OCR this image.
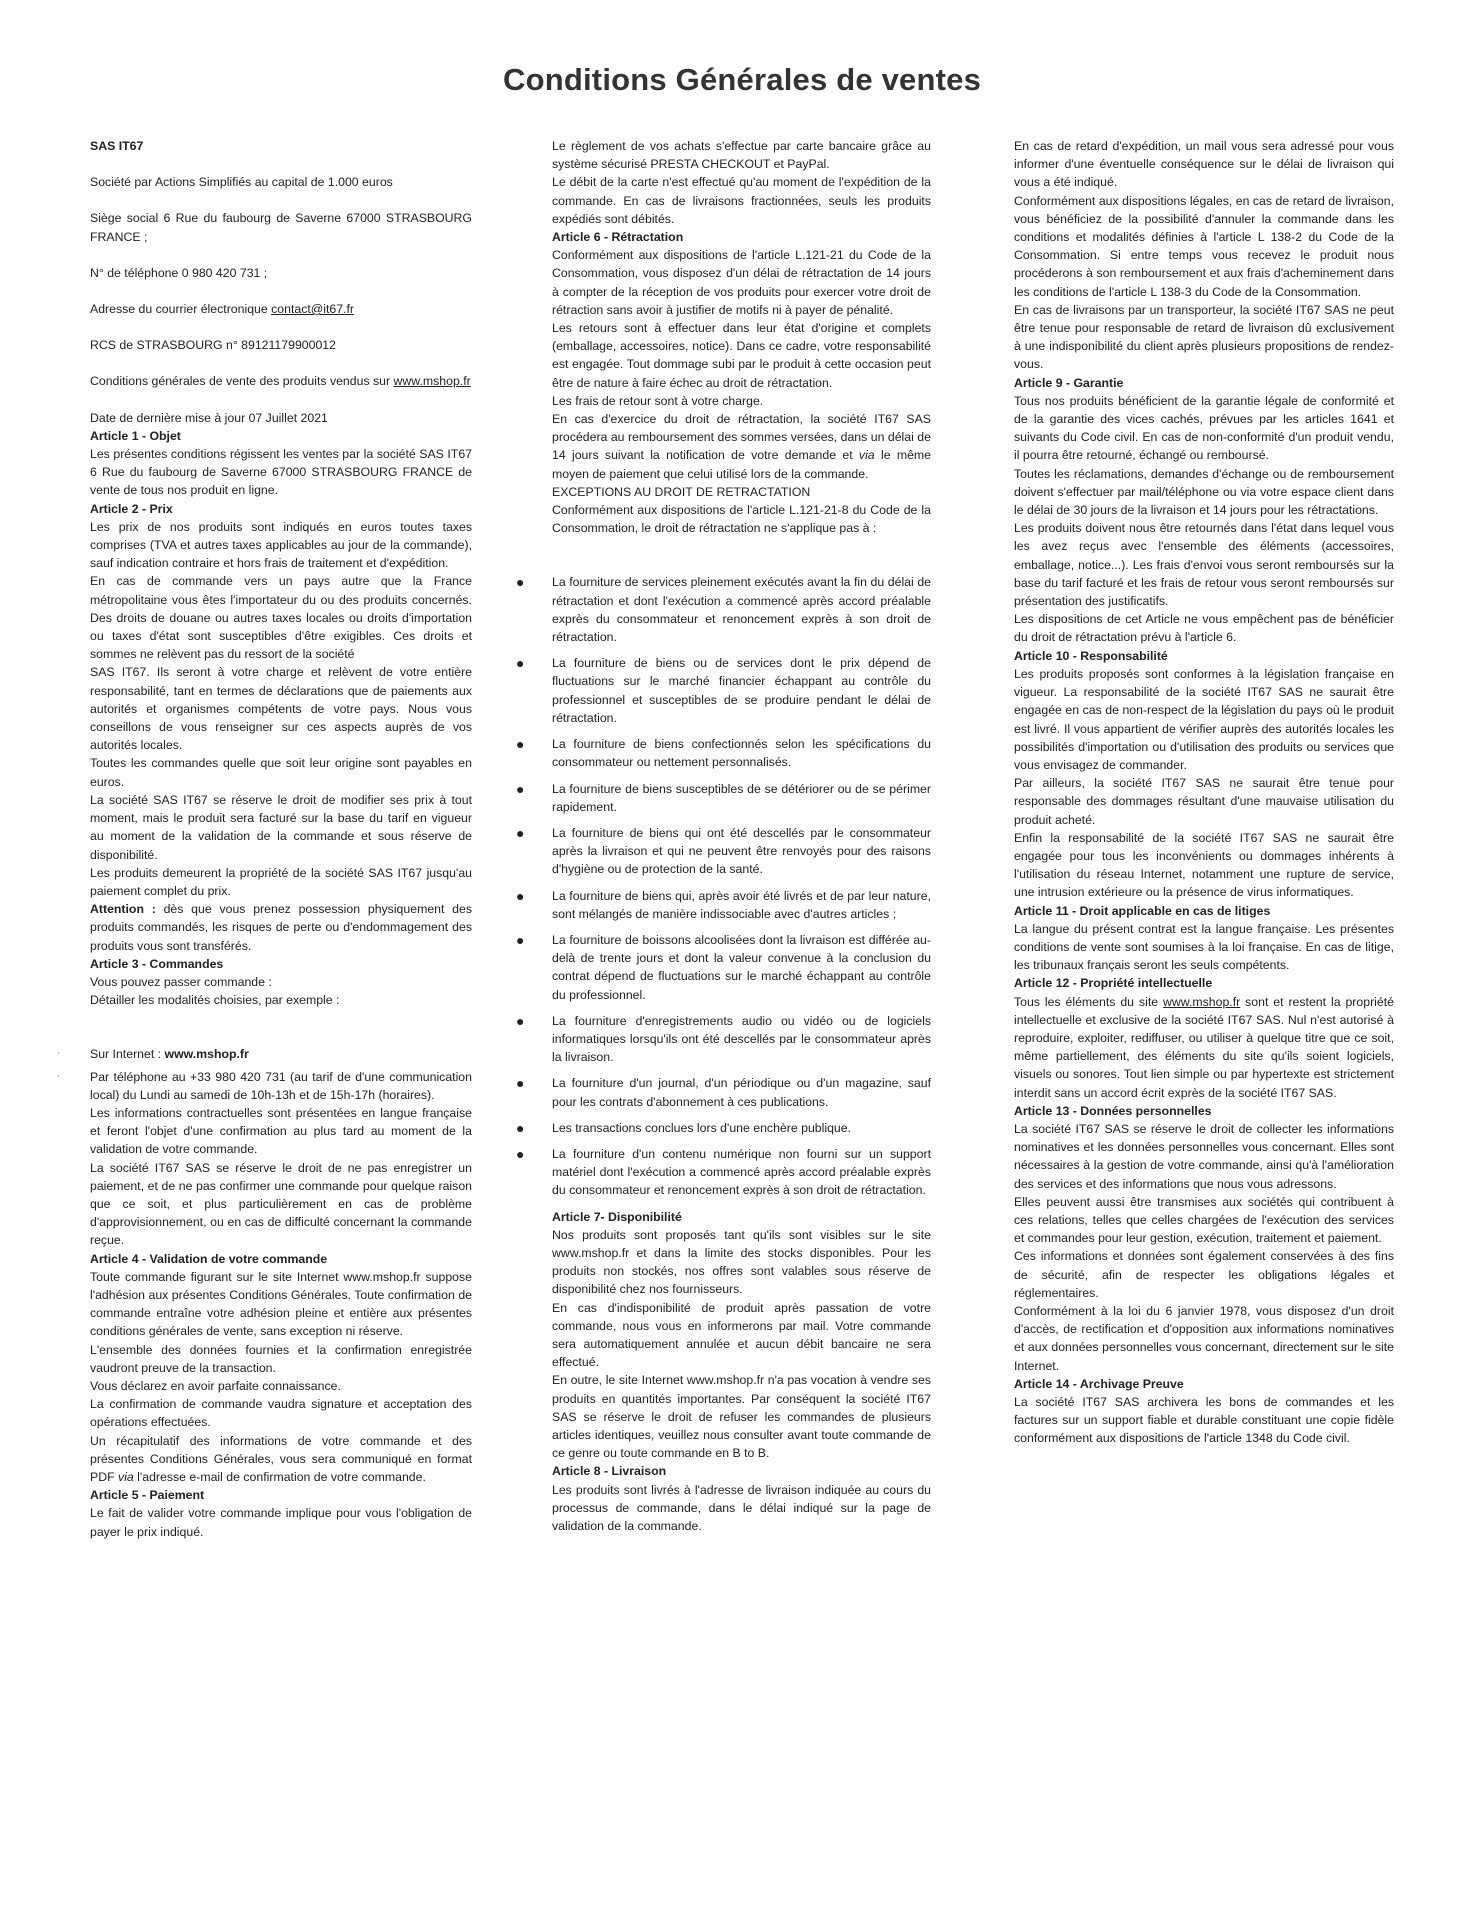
Conditions Générales de ventes

SAS IT67

Société par Actions Simplifiés au capital de 1.000 euros

Siège social 6 Rue du faubourg de Saverne 67000 STRASBOURG FRANCE ;

N° de téléphone 0 980 420 731 ;

Adresse du courrier électronique contact@it67.fr

RCS de STRASBOURG n° 89121179900012

Conditions générales de vente des produits vendus sur www.mshop.fr

Date de dernière mise à jour 07 Juillet 2021

Article 1 - Objet

Les présentes conditions régissent les ventes par la société SAS IT67 6 Rue du faubourg de Saverne 67000 STRASBOURG FRANCE de vente de tous nos produit en ligne.

Article 2 - Prix

Les prix de nos produits sont indiqués en euros toutes taxes comprises (TVA et autres taxes applicables au jour de la commande), sauf indication contraire et hors frais de traitement et d'expédition.

En cas de commande vers un pays autre que la France métropolitaine vous êtes l'importateur du ou des produits concernés. Des droits de douane ou autres taxes locales ou droits d'importation ou taxes d'état sont susceptibles d'être exigibles. Ces droits et sommes ne relèvent pas du ressort de la société

SAS IT67. Ils seront à votre charge et relèvent de votre entière responsabilité, tant en termes de déclarations que de paiements aux autorités et organismes compétents de votre pays. Nous vous conseillons de vous renseigner sur ces aspects auprès de vos autorités locales.

Toutes les commandes quelle que soit leur origine sont payables en euros.

La société SAS IT67 se réserve le droit de modifier ses prix à tout moment, mais le produit sera facturé sur la base du tarif en vigueur au moment de la validation de la commande et sous réserve de disponibilité.

Les produits demeurent la propriété de la société SAS IT67 jusqu'au paiement complet du prix.

Attention : dès que vous prenez possession physiquement des produits commandés, les risques de perte ou d'endommagement des produits vous sont transférés.

Article 3 - Commandes

Vous pouvez passer commande :

Détailler les modalités choisies, par exemple :

' Sur Internet : www.mshop.fr

' Par téléphone au +33 980 420 731 (au tarif de d'une communication local) du Lundi au samedi de 10h-13h et de 15h-17h (horaires).

Les informations contractuelles sont présentées en langue française et feront l'objet d'une confirmation au plus tard au moment de la validation de votre commande.

La société IT67 SAS se réserve le droit de ne pas enregistrer un paiement, et de ne pas confirmer une commande pour quelque raison que ce soit, et plus particulièrement en cas de problème d'approvisionnement, ou en cas de difficulté concernant la commande reçue.

Article 4 - Validation de votre commande

Toute commande figurant sur le site Internet www.mshop.fr suppose l'adhésion aux présentes Conditions Générales. Toute confirmation de commande entraîne votre adhésion pleine et entière aux présentes conditions générales de vente, sans exception ni réserve.

L'ensemble des données fournies et la confirmation enregistrée vaudront preuve de la transaction.

Vous déclarez en avoir parfaite connaissance.

La confirmation de commande vaudra signature et acceptation des opérations effectuées.

Un récapitulatif des informations de votre commande et des présentes Conditions Générales, vous sera communiqué en format PDF via l'adresse e-mail de confirmation de votre commande.

Article 5 - Paiement

Le fait de valider votre commande implique pour vous l'obligation de payer le prix indiqué.

Le règlement de vos achats s'effectue par carte bancaire grâce au système sécurisé PRESTA CHECKOUT et PayPal.

Le débit de la carte n'est effectué qu'au moment de l'expédition de la commande. En cas de livraisons fractionnées, seuls les produits expédiés sont débités.

Article 6 - Rétractation

Conformément aux dispositions de l'article L.121-21 du Code de la Consommation, vous disposez d'un délai de rétractation de 14 jours à compter de la réception de vos produits pour exercer votre droit de rétraction sans avoir à justifier de motifs ni à payer de pénalité.

Les retours sont à effectuer dans leur état d'origine et complets (emballage, accessoires, notice). Dans ce cadre, votre responsabilité est engagée. Tout dommage subi par le produit à cette occasion peut être de nature à faire échec au droit de rétractation.

Les frais de retour sont à votre charge.

En cas d'exercice du droit de rétractation, la société IT67 SAS procédera au remboursement des sommes versées, dans un délai de 14 jours suivant la notification de votre demande et via le même moyen de paiement que celui utilisé lors de la commande.

EXCEPTIONS AU DROIT DE RETRACTATION

Conformément aux dispositions de l'article L.121-21-8 du Code de la Consommation, le droit de rétractation ne s'applique pas à :

● La fourniture de services pleinement exécutés avant la fin du délai de rétractation et dont l'exécution a commencé après accord préalable exprès du consommateur et renoncement exprès à son droit de rétractation.
● La fourniture de biens ou de services dont le prix dépend de fluctuations sur le marché financier échappant au contrôle du professionnel et susceptibles de se produire pendant le délai de rétractation.
● La fourniture de biens confectionnés selon les spécifications du consommateur ou nettement personnalisés.
● La fourniture de biens susceptibles de se détériorer ou de se périmer rapidement.
● La fourniture de biens qui ont été descellés par le consommateur après la livraison et qui ne peuvent être renvoyés pour des raisons d'hygiène ou de protection de la santé.
● La fourniture de biens qui, après avoir été livrés et de par leur nature, sont mélangés de manière indissociable avec d'autres articles ;
● La fourniture de boissons alcoolisées dont la livraison est différée au-delà de trente jours et dont la valeur convenue à la conclusion du contrat dépend de fluctuations sur le marché échappant au contrôle du professionnel.
● La fourniture d'enregistrements audio ou vidéo ou de logiciels informatiques lorsqu'ils ont été descellés par le consommateur après la livraison.
● La fourniture d'un journal, d'un périodique ou d'un magazine, sauf pour les contrats d'abonnement à ces publications.
● Les transactions conclues lors d'une enchère publique.
● La fourniture d'un contenu numérique non fourni sur un support matériel dont l'exécution a commencé après accord préalable exprès du consommateur et renoncement exprès à son droit de rétractation.

Article 7- Disponibilité

Nos produits sont proposés tant qu'ils sont visibles sur le site www.mshop.fr et dans la limite des stocks disponibles. Pour les produits non stockés, nos offres sont valables sous réserve de disponibilité chez nos fournisseurs.

En cas d'indisponibilité de produit après passation de votre commande, nous vous en informerons par mail. Votre commande sera automatiquement annulée et aucun débit bancaire ne sera effectué.

En outre, le site Internet www.mshop.fr n'a pas vocation à vendre ses produits en quantités importantes. Par conséquent la société IT67 SAS se réserve le droit de refuser les commandes de plusieurs articles identiques, veuillez nous consulter avant toute commande de ce genre ou toute commande en B to B.

Article 8 - Livraison

Les produits sont livrés à l'adresse de livraison indiquée au cours du processus de commande, dans le délai indiqué sur la page de validation de la commande.

En cas de retard d'expédition, un mail vous sera adressé pour vous informer d'une éventuelle conséquence sur le délai de livraison qui vous a été indiqué.

Conformément aux dispositions légales, en cas de retard de livraison, vous bénéficiez de la possibilité d'annuler la commande dans les conditions et modalités définies à l'article L 138-2 du Code de la Consommation. Si entre temps vous recevez le produit nous procéderons à son remboursement et aux frais d'acheminement dans les conditions de l'article L 138-3 du Code de la Consommation.

En cas de livraisons par un transporteur, la société IT67 SAS ne peut être tenue pour responsable de retard de livraison dû exclusivement à une indisponibilité du client après plusieurs propositions de rendez-vous.

Article 9 - Garantie

Tous nos produits bénéficient de la garantie légale de conformité et de la garantie des vices cachés, prévues par les articles 1641 et suivants du Code civil. En cas de non-conformité d'un produit vendu, il pourra être retourné, échangé ou remboursé.

Toutes les réclamations, demandes d'échange ou de remboursement doivent s'effectuer par mail/téléphone ou via votre espace client dans le délai de 30 jours de la livraison et 14 jours pour les rétractations.

Les produits doivent nous être retournés dans l'état dans lequel vous les avez reçus avec l'ensemble des éléments (accessoires, emballage, notice...). Les frais d'envoi vous seront remboursés sur la base du tarif facturé et les frais de retour vous seront remboursés sur présentation des justificatifs.

Les dispositions de cet Article ne vous empêchent pas de bénéficier du droit de rétractation prévu à l'article 6.

Article 10 - Responsabilité

Les produits proposés sont conformes à la législation française en vigueur. La responsabilité de la société IT67 SAS ne saurait être engagée en cas de non-respect de la législation du pays où le produit est livré. Il vous appartient de vérifier auprès des autorités locales les possibilités d'importation ou d'utilisation des produits ou services que vous envisagez de commander.

Par ailleurs, la société IT67 SAS ne saurait être tenue pour responsable des dommages résultant d'une mauvaise utilisation du produit acheté.

Enfin la responsabilité de la société IT67 SAS ne saurait être engagée pour tous les inconvénients ou dommages inhérents à l'utilisation du réseau Internet, notamment une rupture de service, une intrusion extérieure ou la présence de virus informatiques.

Article 11 - Droit applicable en cas de litiges

La langue du présent contrat est la langue française. Les présentes conditions de vente sont soumises à la loi française. En cas de litige, les tribunaux français seront les seuls compétents.

Article 12 - Propriété intellectuelle

Tous les éléments du site www.mshop.fr sont et restent la propriété intellectuelle et exclusive de la société IT67 SAS. Nul n'est autorisé à reproduire, exploiter, rediffuser, ou utiliser à quelque titre que ce soit, même partiellement, des éléments du site qu'ils soient logiciels, visuels ou sonores. Tout lien simple ou par hypertexte est strictement interdit sans un accord écrit exprès de la société IT67 SAS.

Article 13 - Données personnelles

La société IT67 SAS se réserve le droit de collecter les informations nominatives et les données personnelles vous concernant. Elles sont nécessaires à la gestion de votre commande, ainsi qu'à l'amélioration des services et des informations que nous vous adressons.

Elles peuvent aussi être transmises aux sociétés qui contribuent à ces relations, telles que celles chargées de l'exécution des services et commandes pour leur gestion, exécution, traitement et paiement.

Ces informations et données sont également conservées à des fins de sécurité, afin de respecter les obligations légales et réglementaires.

Conformément à la loi du 6 janvier 1978, vous disposez d'un droit d'accès, de rectification et d'opposition aux informations nominatives et aux données personnelles vous concernant, directement sur le site Internet.

Article 14 - Archivage Preuve

La société IT67 SAS archivera les bons de commandes et les factures sur un support fiable et durable constituant une copie fidèle conformément aux dispositions de l'article 1348 du Code civil.
